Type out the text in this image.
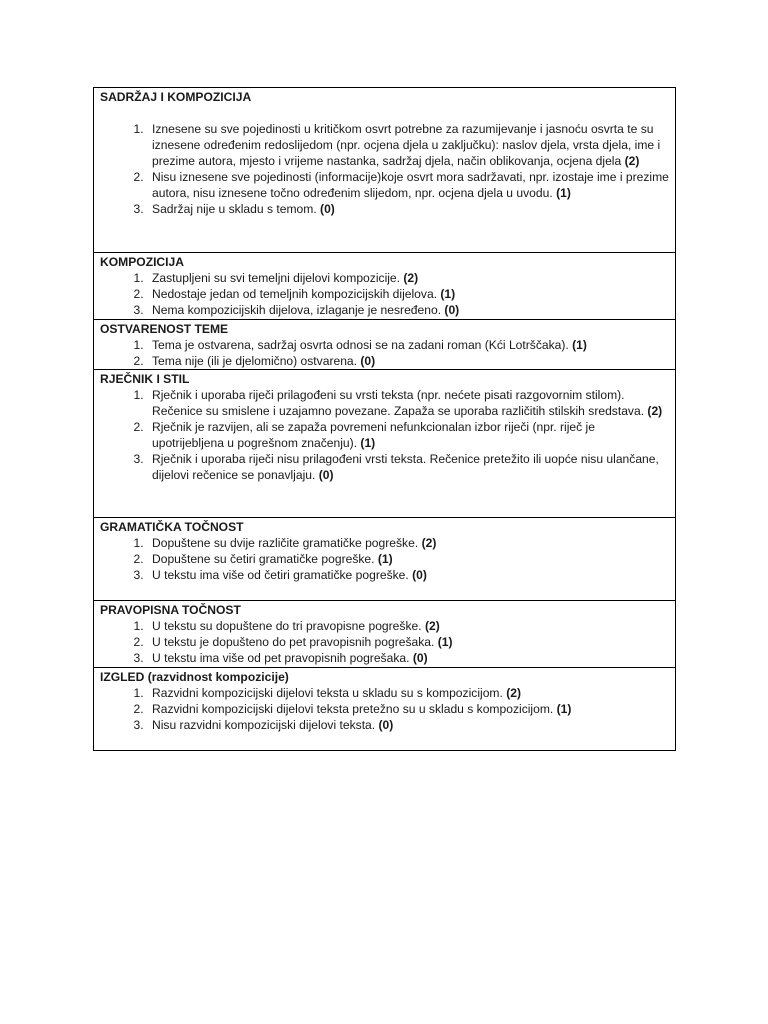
SADRŽAJ I KOMPOZICIJA
1. Iznesene su sve pojedinosti u kritičkom osvrt potrebne za razumijevanje i jasnoću osvrta te su iznesene određenim redoslijedom (npr. ocjena djela u zaključku): naslov djela, vrsta djela, ime i prezime autora, mjesto i vrijeme nastanka, sadržaj djela, način oblikovanja, ocjena djela (2)
2. Nisu iznesene sve pojedinosti (informacije)koje osvrt mora sadržavati, npr. izostaje ime i prezime autora, nisu iznesene točno određenim slijedom, npr. ocjena djela u uvodu. (1)
3. Sadržaj nije u skladu s temom. (0)

KOMPOZICIJA
1. Zastupljeni su svi temeljni dijelovi kompozicije. (2)
2. Nedostaje jedan od temeljnih kompozicijskih dijelova. (1)
3. Nema kompozicijskih dijelova, izlaganje je nesređeno. (0)

OSTVARENOST TEME
1. Tema je ostvarena, sadržaj osvrta odnosi se na zadani roman (Kći Lotrščaka). (1)
2. Tema nije (ili je djelomično) ostvarena. (0)

RJEČNIK I STIL
1. Rječnik i uporaba riječi prilagođeni su vrsti teksta (npr. nećete pisati razgovornim stilom). Rečenice su smislene i uzajamno povezane. Zapaža se uporaba različitih stilskih sredstava. (2)
2. Rječnik je razvijen, ali se zapaža povremeni nefunkcionalan izbor riječi (npr. riječ je upotrijebljena u pogrešnom značenju). (1)
3. Rječnik i uporaba riječi nisu prilagođeni vrsti teksta. Rečenice pretežito ili uopće nisu ulančane, dijelovi rečenice se ponavljaju. (0)

GRAMATIČKA TOČNOST
1. Dopuštene su dvije različite gramatičke pogreške. (2)
2. Dopuštene su četiri gramatičke pogreške. (1)
3. U tekstu ima više od četiri gramatičke pogreške. (0)

PRAVOPISNA TOČNOST
1. U tekstu su dopuštene do tri pravopisne pogreške. (2)
2. U tekstu je dopušteno do pet pravopisnih pogrešaka. (1)
3. U tekstu ima više od pet pravopisnih pogrešaka. (0)

IZGLED (razvidnost kompozicije)
1. Razvidni kompozicijski dijelovi teksta u skladu su s kompozicijom. (2)
2. Razvidni kompozicijski dijelovi teksta pretežno su u skladu s kompozicijom. (1)
3. Nisu razvidni kompozicijski dijelovi teksta. (0)
